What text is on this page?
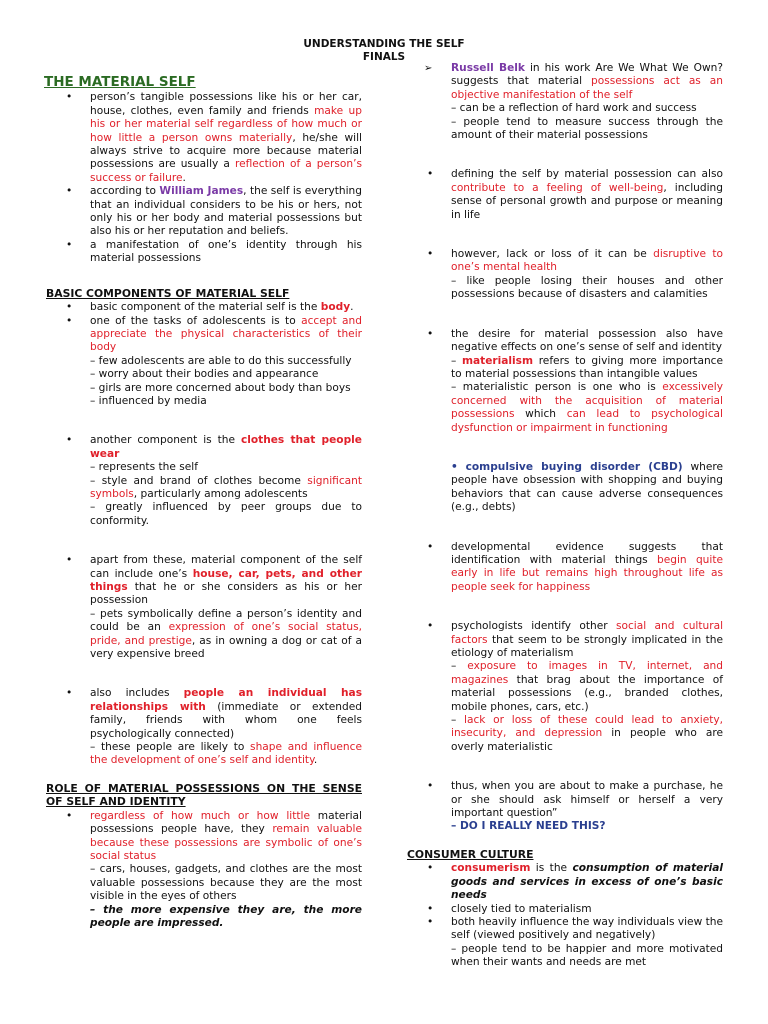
UNDERSTANDING THE SELF
FINALS
THE MATERIAL SELF
• person’s tangible possessions like his or her car, house, clothes, even family and friends make up his or her material self regardless of how much or how little a person owns materially, he/she will always strive to acquire more because material possessions are usually a reflection of a person’s success or failure.
• according to William James, the self is everything that an individual considers to be his or hers, not only his or her body and material possessions but also his or her reputation and beliefs.
• a manifestation of one’s identity through his material possessions
BASIC COMPONENTS OF MATERIAL SELF
• basic component of the material self is the body.
• one of the tasks of adolescents is to accept and appreciate the physical characteristics of their body
– few adolescents are able to do this successfully
– worry about their bodies and appearance
– girls are more concerned about body than boys
– influenced by media
• another component is the clothes that people wear
– represents the self
– style and brand of clothes become significant symbols, particularly among adolescents
– greatly influenced by peer groups due to conformity.
• apart from these, material component of the self can include one’s house, car, pets, and other things that he or she considers as his or her possession
– pets symbolically define a person’s identity and could be an expression of one’s social status, pride, and prestige, as in owning a dog or cat of a very expensive breed
• also includes people an individual has relationships with (immediate or extended family, friends with whom one feels psychologically connected)
– these people are likely to shape and influence the development of one’s self and identity.
ROLE OF MATERIAL POSSESSIONS ON THE SENSE OF SELF AND IDENTITY
• regardless of how much or how little material possessions people have, they remain valuable because these possessions are symbolic of one’s social status
– cars, houses, gadgets, and clothes are the most valuable possessions because they are the most visible in the eyes of others
– the more expensive they are, the more people are impressed.
➢ Russell Belk in his work Are We What We Own? suggests that material possessions act as an objective manifestation of the self
– can be a reflection of hard work and success
– people tend to measure success through the amount of their material possessions
• defining the self by material possession can also contribute to a feeling of well-being, including sense of personal growth and purpose or meaning in life
• however, lack or loss of it can be disruptive to one’s mental health
– like people losing their houses and other possessions because of disasters and calamities
• the desire for material possession also have negative effects on one’s sense of self and identity
– materialism refers to giving more importance to material possessions than intangible values
– materialistic person is one who is excessively concerned with the acquisition of material possessions which can lead to psychological dysfunction or impairment in functioning
• compulsive buying disorder (CBD) where people have obsession with shopping and buying behaviors that can cause adverse consequences (e.g., debts)
• developmental evidence suggests that identification with material things begin quite early in life but remains high throughout life as people seek for happiness
• psychologists identify other social and cultural factors that seem to be strongly implicated in the etiology of materialism
– exposure to images in TV, internet, and magazines that brag about the importance of material possessions (e.g., branded clothes, mobile phones, cars, etc.)
– lack or loss of these could lead to anxiety, insecurity, and depression in people who are overly materialistic
• thus, when you are about to make a purchase, he or she should ask himself or herself a very important question”
– DO I REALLY NEED THIS?
CONSUMER CULTURE
• consumerism is the consumption of material goods and services in excess of one’s basic needs
• closely tied to materialism
• both heavily influence the way individuals view the self (viewed positively and negatively)
– people tend to be happier and more motivated when their wants and needs are met
